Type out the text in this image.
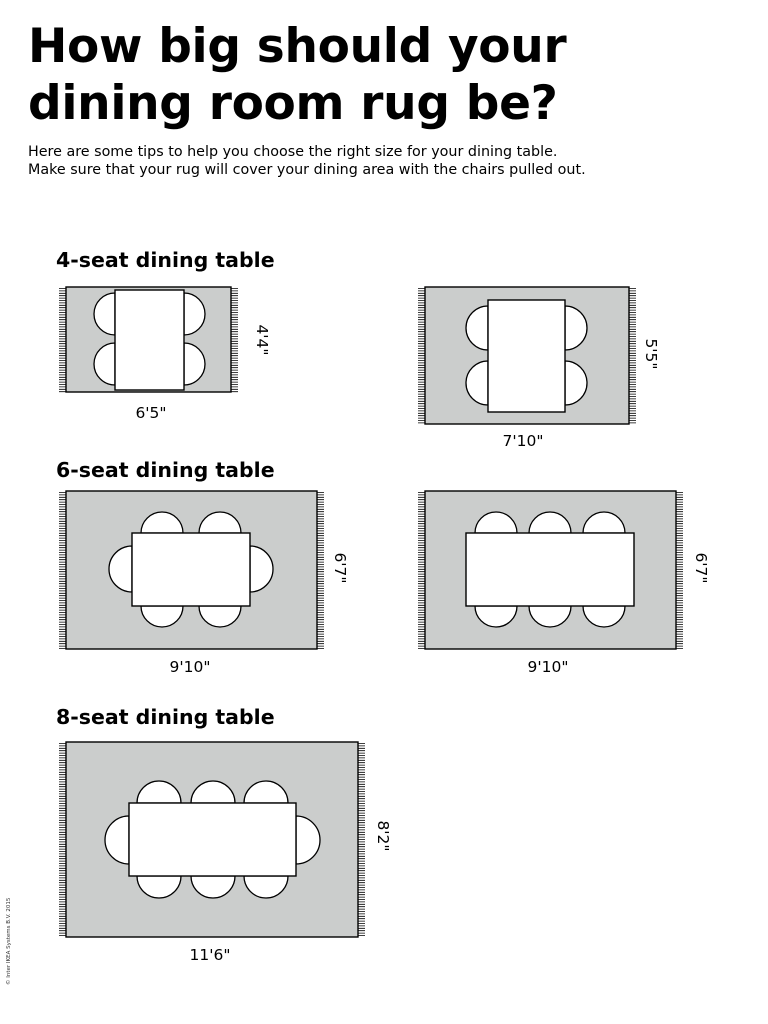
How big should your
dining room rug be?

Here are some tips to help you choose the right size for your dining table.
Make sure that your rug will cover your dining area with the chairs pulled out.

4-seat dining table
6-seat dining table
8-seat dining table
6'5"
4'4"
7'10"
5'5"
9'10"
6'7"
9'10"
6'7"
11'6"
8'2"
© Inter IKEA Systems B.V. 2015
